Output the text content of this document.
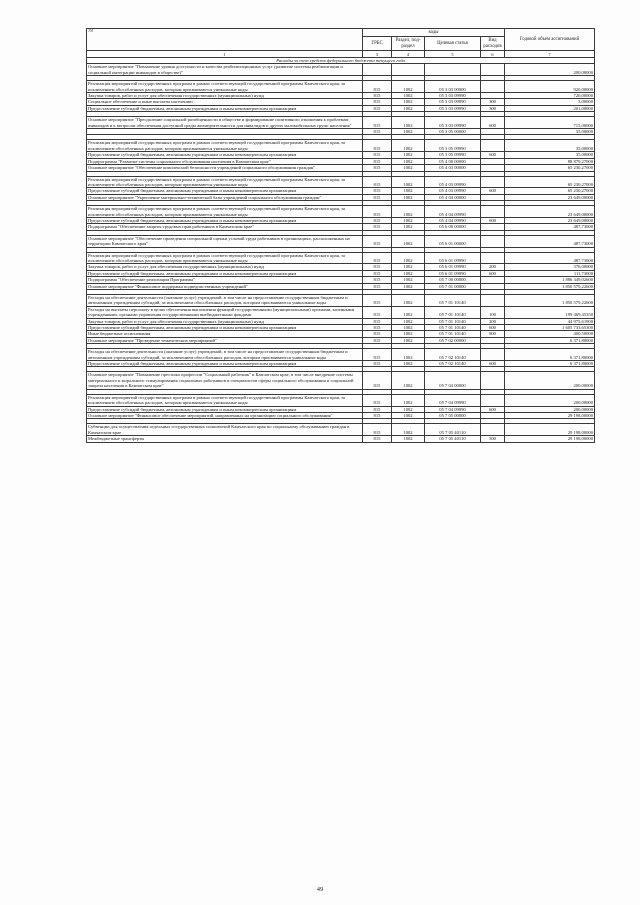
78	коды				Годовой объем ассигнований
	ГРБС	Раздел, под-раздел	Целевая статья	Вид расходов	
1	3	4	5	6	7
Расходы за счет средств федерального бюджета текущего года					
Основное мероприятие "Повышение уровня доступности и качества реабилитационных услуг (развитие системы реабилитации и социальной интеграции инвалидов в обществе)"					200,00000

Реализация мероприятий государственных программ в рамках соответствующей государственной программы Камчатского края, за исключением обособленных расходов, которым присваиваются уникальные коды	815	1002	05 3 03 00000		920,00000
Закупка товаров, работ и услуг для обеспечения государственных (муниципальных) нужд	815	1002	05 3 03 09990		720,00000
Социальное обеспечение и иные выплаты населению	815	1002	05 3 03 09990	300	3,00000
Предоставление субсидий бюджетным, автономным учреждениям и иным некоммерческим организациям	815	1002	05 3 03 09990	300	201,00000

Основное мероприятие "Преодоление социальной разобщенности в обществе и формирование позитивного отношения к проблемам инвалидов и к вопросам обеспечения доступной среды жизнедеятельности для инвалидов и других маломобильных групп населения"	815	1002	05 3 03 09990	600	715,00000
	815	1002	05 3 05 00000		35,00000

Реализация мероприятий государственных программ в рамках соответствующей государственной программы Камчатского края, за исключением обособленных расходов, которым присваиваются уникальные коды	815	1002	05 3 05 09990		35,00000
Предоставление субсидий бюджетным, автономным учреждениям и иным некоммерческим организациям	815	1002	05 3 05 09990	600	35,00000
Подпрограмма "Развитие системы социального обслуживания населения в Камчатском крае"	815	1002	05 4 00 00000		88 879,27000
Основное мероприятие "Обеспечение комплексной безопасности учреждений социального обслуживания граждан"	815	1002	05 4 03 00000		65 230,27000

Реализация мероприятий государственных программ в рамках соответствующей государственной программы Камчатского края, за исключением обособленных расходов, которым присваиваются уникальные коды	815	1002	05 4 03 09990		65 230,27000
Предоставление субсидий бюджетным, автономным учреждениям и иным некоммерческим организациям	815	1002	05 4 03 09990	600	65 230,27000
Основное мероприятие "Укрепление материально-технической базы учреждений социального обслуживания граждан"	815	1002	05 4 04 00000		23 649,00000

Реализация мероприятий государственных программ в рамках соответствующей государственной программы Камчатского края, за исключением обособленных расходов, которым присваиваются уникальные коды	815	1002	05 4 04 09990		23 649,00000
Предоставление субсидий бюджетным, автономным учреждениям и иным некоммерческим организациям	815	1002	05 4 04 09990	600	23 649,00000
Подпрограмма "Обеспечение защиты трудовых прав работников в Камчатском крае"	815	1002	05 6 00 00000		487,73000

Основное мероприятие "Обеспечение проведения специальной оценки условий труда работников в организациях, расположенных на территории Камчатского края"	815	1002	05 6 01 00000		487,73000

Реализация мероприятий государственных программ в рамках соответствующей государственной программы Камчатского края, за исключением обособленных расходов, которым присваиваются уникальные коды	815	1002	05 6 01 09990		487,73000
Закупка товаров, работ и услуг для обеспечения государственных (муниципальных) нужд	815	1002	05 6 01 09990	200	376,00000
Предоставление субсидий бюджетным, автономным учреждениям и иным некоммерческим организациям	815	1002	05 6 01 09990	600	111,73000
Подпрограмма "Обеспечение реализации Программы"	815	1002	05 7 00 00000		1 886 349,02600
Основное мероприятие "Финансовое поддержка подведомственных учреждений"	815	1002	05 7 01 00000		1 850 579,22600

Расходы на обеспечение деятельности (оказание услуг) учреждений, в том числе на предоставление государственным бюджетным и автономным учреждениям субсидий, за исключением обособленных расходов, которым присваиваются уникальные коды	815	1002	05 7 01 10140		1 850 579,22600
Расходы на выплаты персоналу в целях обеспечения выполнения функций государственными (муниципальными) органами, казенными учреждениями, органами управления государственными внебюджетными фондами	815	1002	05 7 01 10140	100	199 469,45350
Закупка товаров, работ и услуг для обеспечения государственных (муниципальных) нужд	815	1002	05 7 01 10140	200	44 975,61900
Предоставление субсидий бюджетным, автономным учреждениям и иным некоммерческим организациям	815	1002	05 7 01 10140	600	1 605 733,65300
Иные бюджетные ассигнования	815	1002	05 7 01 10140	800	400,50000
Основное мероприятие "Проведение тематических мероприятий"	815	1002	05 7 02 00000		6 371,80000

Расходы на обеспечение деятельности (оказание услуг) учреждений, в том числе на предоставление государственным бюджетным и автономным учреждениям субсидий, за исключением обособленных расходов, которым присваиваются уникальные коды	815	1002	05 7 02 10140		6 371,80000
Предоставление субсидий бюджетным, автономным учреждениям и иным некоммерческим организациям	815	1002	05 7 02 10140	600	6 371,80000

Основное мероприятие "Повышение престижа профессии "Социальный работник" в Камчатском крае, в том числе внедрение системы материального и морального стимулирования социальных работников и специалистов сферы социального обслуживания и социальной защиты населения в Камчатском крае"	815	1002	05 7 04 00000		200,00000

Реализация мероприятий государственных программ в рамках соответствующей государственной программы Камчатского края, за исключением обособленных расходов, которым присваиваются уникальные коды	815	1002	05 7 04 09990		200,00000
Предоставление субсидий бюджетным, автономным учреждениям и иным некоммерческим организациям	815	1002	05 7 04 09990	600	200,00000
Основное мероприятие "Финансовое обеспечение мероприятий, направленных на организацию социального обслуживания"	815	1002	05 7 05 00000		29 198,00000

Субвенции для осуществления отдельных государственных полномочий Камчатского края по социальному обслуживанию граждан в Камчатском крае	815	1002	05 7 05 40110		29 198,00000
Межбюджетные трансферты	815	1002	05 7 05 40110	500	29 198,00000
49
